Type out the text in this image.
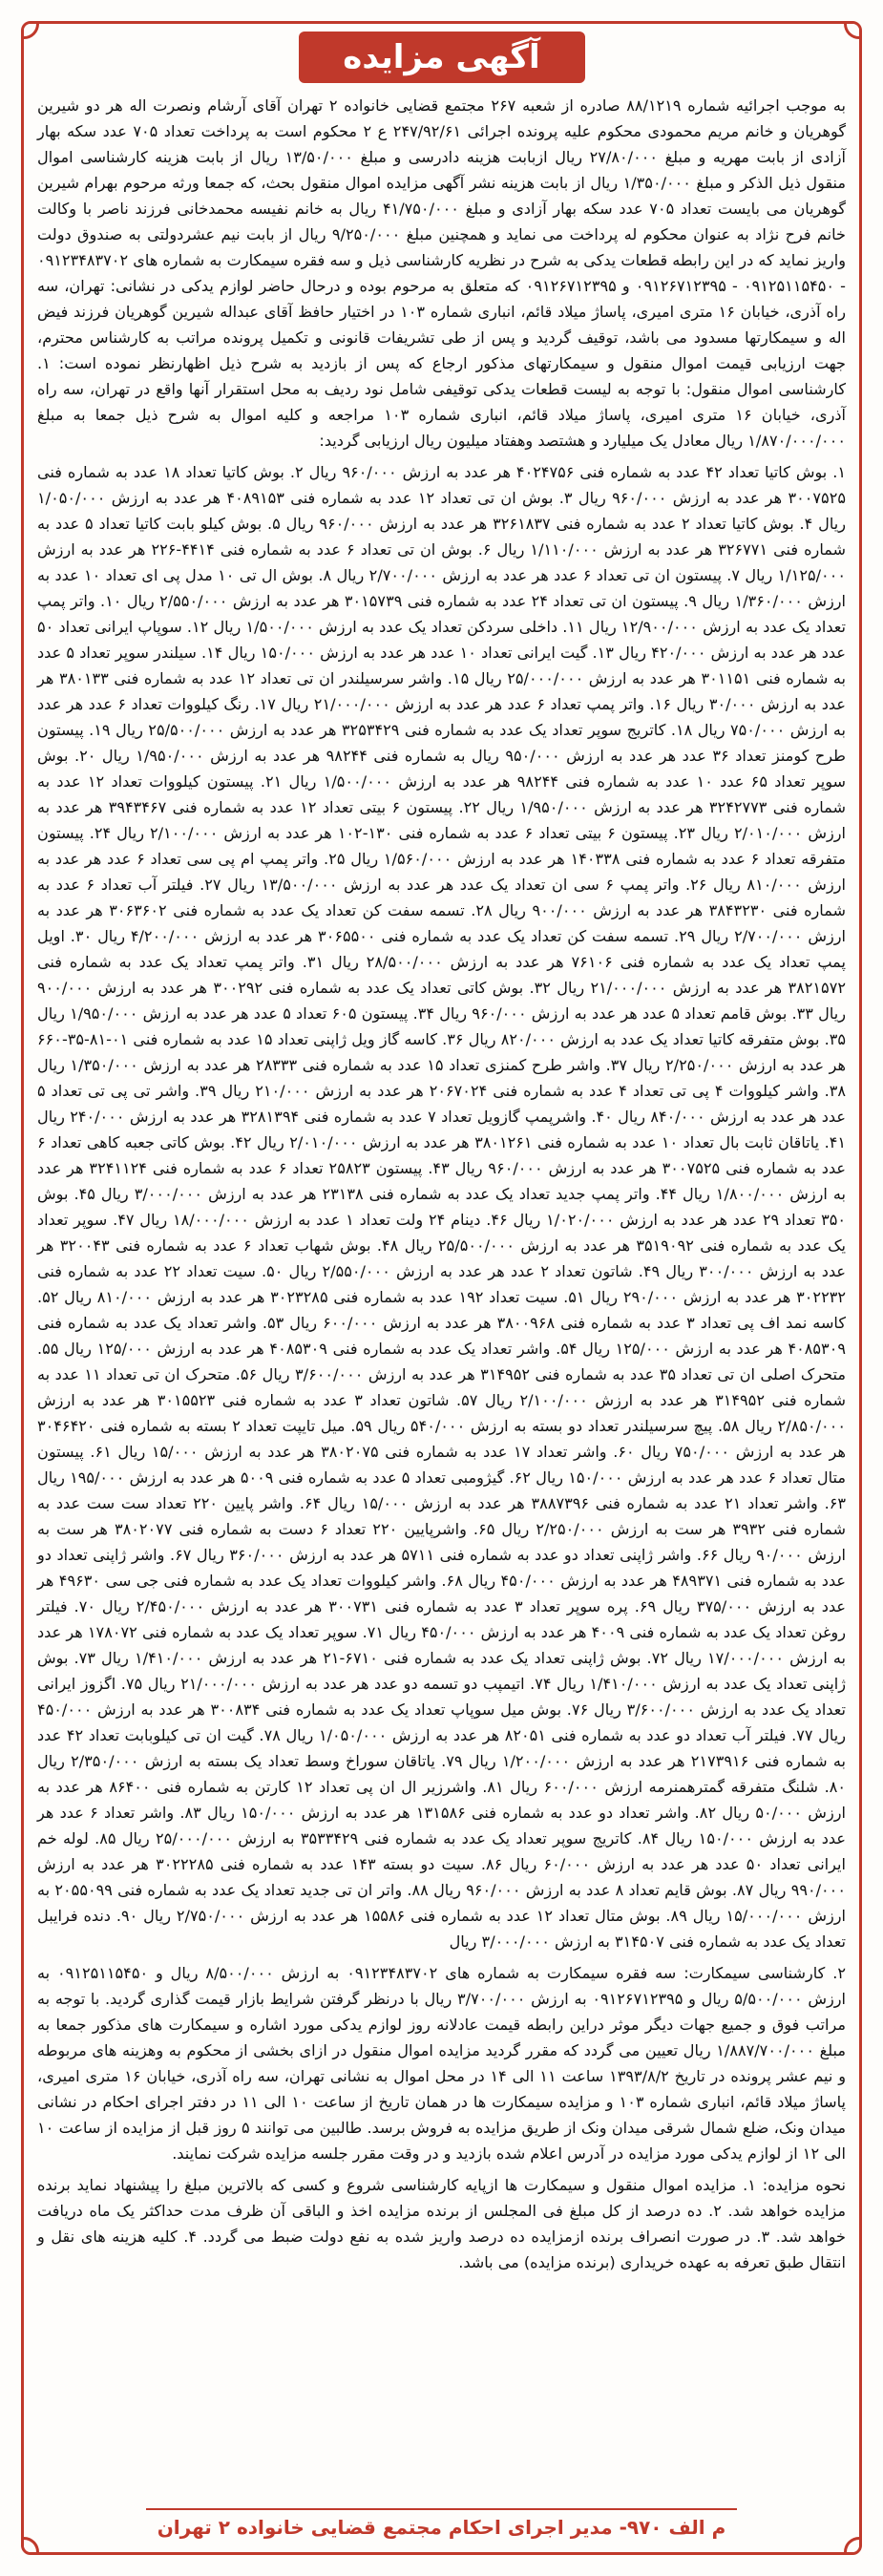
آگهی مزایده
به موجب اجرائیه شماره ۸۸/۱۲۱۹ صادره از شعبه ۲۶۷ مجتمع قضایی خانواده ۲ تهران آقای آرشام ونصرت اله هر دو شیرین گوهریان و خانم مریم محمودی محکوم علیه پرونده اجرائی ۲۴۷/۹۲/۶۱ ع ۲ محکوم است به پرداخت تعداد ۷۰۵ عدد سکه بهار آزادی از بابت مهریه و مبلغ ۲۷/۸۰/۰۰۰ ریال ازبابت هزینه دادرسی و مبلغ ۱۳/۵۰/۰۰۰ ریال از بابت هزینه کارشناسی اموال منقول ذیل الذکر و مبلغ ۱/۳۵۰/۰۰۰ ریال از بابت هزینه نشر آگهی مزایده اموال منقول بحث، که جمعا ورثه مرحوم بهرام شیرین گوهریان می بایست تعداد ۷۰۵ عدد سکه بهار آزادی و مبلغ ۴۱/۷۵۰/۰۰۰ ریال به خانم نفیسه محمدخانی فرزند ناصر با وکالت خانم فرح نژاد به عنوان محکوم له پرداخت می نماید و همچنین مبلغ ۹/۲۵۰/۰۰۰ ریال از بابت نیم عشردولتی به صندوق دولت واریز نماید که در این رابطه قطعات یدکی به شرح در نظریه کارشناسی ذیل و سه فقره سیمکارت به شماره های ۰۹۱۲۳۴۸۳۷۰۲ - ۰۹۱۲۵۱۱۵۴۵۰ - ۰۹۱۲۶۷۱۲۳۹۵ و ۰۹۱۲۶۷۱۲۳۹۵ که متعلق به مرحوم بوده و درحال حاضر لوازم یدکی در نشانی: تهران، سه راه آذری، خیابان ۱۶ متری امیری، پاساژ میلاد قائم، انباری شماره ۱۰۳ در اختیار حافظ آقای عبداله شیرین گوهریان فرزند فیض اله و سیمکارتها مسدود می باشد، توقیف گردید و پس از طی تشریفات قانونی و تکمیل پرونده مراتب به کارشناس محترم، جهت ارزیابی قیمت اموال منقول و سیمکارتهای مذکور ارجاع که پس از بازدید به شرح ذیل اظهارنظر نموده است: ۱. کارشناسی اموال منقول: با توجه به لیست قطعات یدکی توقیفی شامل نود ردیف به محل استقرار آنها واقع در تهران، سه راه آذری، خیابان ۱۶ متری امیری، پاساژ میلاد قائم، انباری شماره ۱۰۳ مراجعه و کلیه اموال به شرح ذیل جمعا به مبلغ ۱/۸۷۰/۰۰۰/۰۰۰ ریال معادل یک میلیارد و هشتصد وهفتاد میلیون ریال ارزیابی گردید:
۱. بوش کاتیا تعداد ۴۲ عدد به شماره فنی ۴۰۲۴۷۵۶ هر عدد به ارزش ۹۶۰/۰۰۰ ریال ۲. بوش کاتیا تعداد ۱۸ عدد به شماره فنی ۳۰۰۷۵۲۵ هر عدد به ارزش ۹۶۰/۰۰۰ ریال ۳. بوش ان تی تعداد ۱۲ عدد به شماره فنی ۴۰۸۹۱۵۳ هر عدد به ارزش ۱/۰۵۰/۰۰۰ ریال ۴. بوش کاتیا تعداد ۲ عدد به شماره فنی ۳۲۶۱۸۳۷ هر عدد به ارزش ۹۶۰/۰۰۰ ریال ۵. بوش کیلو بابت کاتیا تعداد ۵ عدد به شماره فنی ۳۲۶۷۷۱ هر عدد به ارزش ۱/۱۱۰/۰۰۰ ریال ۶. بوش ان تی تعداد ۶ عدد به شماره فنی ۴۴۱۴-۲۲۶ هر عدد به ارزش ۱/۱۲۵/۰۰۰ ریال ۷. پیستون ان تی تعداد ۶ عدد هر عدد به ارزش ۲/۷۰۰/۰۰۰ ریال ۸. بوش ال تی ۱۰ مدل پی ای تعداد ۱۰ عدد به ارزش ۱/۳۶۰/۰۰۰ ریال ۹. پیستون ان تی تعداد ۲۴ عدد به شماره فنی ۳۰۱۵۷۳۹ هر عدد به ارزش ۲/۵۵۰/۰۰۰ ریال ۱۰. واتر پمپ تعداد یک عدد به ارزش ۱۲/۹۰۰/۰۰۰ ریال ۱۱. داخلی سردکن تعداد یک عدد به ارزش ۱/۵۰۰/۰۰۰ ریال ۱۲. سوپاپ ایرانی تعداد ۵۰ عدد هر عدد به ارزش ۴۲۰/۰۰۰ ریال ۱۳. گیت ایرانی تعداد ۱۰ عدد هر عدد به ارزش ۱۵۰/۰۰۰ ریال ۱۴. سیلندر سوپر تعداد ۵ عدد به شماره فنی ۳۰۱۱۵۱ هر عدد به ارزش ۲۵/۰۰۰/۰۰۰ ریال ۱۵. واشر سرسیلندر ان تی تعداد ۱۲ عدد به شماره فنی ۳۸۰۱۳۳ هر عدد به ارزش ۳۰/۰۰۰ ریال ۱۶. واتر پمپ تعداد ۶ عدد هر عدد به ارزش ۲۱/۰۰۰/۰۰۰ ریال ۱۷. رنگ کیلووات تعداد ۶ عدد هر عدد به ارزش ۷۵۰/۰۰۰ ریال ۱۸. کاتریج سوپر تعداد یک عدد به شماره فنی ۳۲۵۳۴۲۹ هر عدد به ارزش ۲۵/۵۰۰/۰۰۰ ریال ۱۹. پیستون طرح کومنز تعداد ۳۶ عدد هر عدد به ارزش ۹۵۰/۰۰۰ ریال به شماره فنی ۹۸۲۴۴ هر عدد به ارزش ۱/۹۵۰/۰۰۰ ریال ۲۰. بوش سوپر تعداد ۶۵ عدد ۱۰ عدد به شماره فنی ۹۸۲۴۴ هر عدد به ارزش ۱/۵۰۰/۰۰۰ ریال ۲۱. پیستون کیلووات تعداد ۱۲ عدد به شماره فنی ۳۲۴۲۷۷۳ هر عدد به ارزش ۱/۹۵۰/۰۰۰ ریال ۲۲. پیستون ۶ بیتی تعداد ۱۲ عدد به شماره فنی ۳۹۴۳۴۶۷ هر عدد به ارزش ۲/۰۱۰/۰۰۰ ریال ۲۳. پیستون ۶ بیتی تعداد ۶ عدد به شماره فنی ۱۳۰-۱۰۲ هر عدد به ارزش ۲/۱۰۰/۰۰۰ ریال ۲۴. پیستون متفرقه تعداد ۶ عدد به شماره فنی ۱۴۰۳۳۸ هر عدد به ارزش ۱/۵۶۰/۰۰۰ ریال ۲۵. واتر پمپ ام پی سی تعداد ۶ عدد هر عدد به ارزش ۸۱۰/۰۰۰ ریال ۲۶. واتر پمپ ۶ سی ان تعداد یک عدد هر عدد به ارزش ۱۳/۵۰۰/۰۰۰ ریال ۲۷. فیلتر آب تعداد ۶ عدد به شماره فنی ۳۸۴۳۲۳۰ هر عدد به ارزش ۹۰۰/۰۰۰ ریال ۲۸. تسمه سفت کن تعداد یک عدد به شماره فنی ۳۰۶۳۶۰۲ هر عدد به ارزش ۲/۷۰۰/۰۰۰ ریال ۲۹. تسمه سفت کن تعداد یک عدد به شماره فنی ۳۰۶۵۵۰۰ هر عدد به ارزش ۴/۲۰۰/۰۰۰ ریال ۳۰. اویل پمپ تعداد یک عدد به شماره فنی ۷۶۱۰۶ هر عدد به ارزش ۲۸/۵۰۰/۰۰۰ ریال ۳۱. واتر پمپ تعداد یک عدد به شماره فنی ۳۸۲۱۵۷۲ هر عدد به ارزش ۲۱/۰۰۰/۰۰۰ ریال ۳۲. بوش کاتی تعداد یک عدد به شماره فنی ۳۰۰۲۹۲ هر عدد به ارزش ۹۰۰/۰۰۰ ریال ۳۳. بوش قامم تعداد ۵ عدد هر عدد به ارزش ۹۶۰/۰۰۰ ریال ۳۴. پیستون ۶۰۵ تعداد ۵ عدد هر عدد به ارزش ۱/۹۵۰/۰۰۰ ریال ۳۵. بوش متفرقه کاتیا تعداد یک عدد به ارزش ۸۲۰/۰۰۰ ریال ۳۶. کاسه گاز ویل ژاپنی تعداد ۱۵ عدد به شماره فنی ۰۱-۸۱-۳۵-۶۶۰ هر عدد به ارزش ۲/۲۵۰/۰۰۰ ریال ۳۷. واشر طرح کمنزی تعداد ۱۵ عدد به شماره فنی ۲۸۳۳۳ هر عدد به ارزش ۱/۳۵۰/۰۰۰ ریال ۳۸. واشر کیلووات ۴ پی تی تعداد ۴ عدد به شماره فنی ۲۰۶۷۰۲۴ هر عدد به ارزش ۲۱۰/۰۰۰ ریال ۳۹. واشر تی پی تی تعداد ۵ عدد هر عدد به ارزش ۸۴۰/۰۰۰ ریال ۴۰. واشرپمپ گازویل تعداد ۷ عدد به شماره فنی ۳۲۸۱۳۹۴ هر عدد به ارزش ۲۴۰/۰۰۰ ریال ۴۱. یاتاقان ثابت بال تعداد ۱۰ عدد به شماره فنی ۳۸۰۱۲۶۱ هر عدد به ارزش ۲/۰۱۰/۰۰۰ ریال ۴۲. بوش کاتی جعبه کاهی تعداد ۶ عدد به شماره فنی ۳۰۰۷۵۲۵ هر عدد به ارزش ۹۶۰/۰۰۰ ریال ۴۳. پیستون ۲۵۸۲۳ تعداد ۶ عدد به شماره فنی ۳۲۴۱۱۲۴ هر عدد به ارزش ۱/۸۰۰/۰۰۰ ریال ۴۴. واتر پمپ جدید تعداد یک عدد به شماره فنی ۲۳۱۳۸ هر عدد به ارزش ۳/۰۰۰/۰۰۰ ریال ۴۵. بوش ۳۵۰ تعداد ۲۹ عدد هر عدد به ارزش ۱/۰۲۰/۰۰۰ ریال ۴۶. دینام ۲۴ ولت تعداد ۱ عدد به ارزش ۱۸/۰۰۰/۰۰۰ ریال ۴۷. سوپر تعداد یک عدد به شماره فنی ۳۵۱۹۰۹۲ هر عدد به ارزش ۲۵/۵۰۰/۰۰۰ ریال ۴۸. بوش شهاب تعداد ۶ عدد به شماره فنی ۳۲۰۰۴۳ هر عدد به ارزش ۳۰۰/۰۰۰ ریال ۴۹. شاتون تعداد ۲ عدد هر عدد به ارزش ۲/۵۵۰/۰۰۰ ریال ۵۰. سیت تعداد ۲۲ عدد به شماره فنی ۳۰۲۲۳۲ هر عدد به ارزش ۲۹۰/۰۰۰ ریال ۵۱. سیت تعداد ۱۹۲ عدد به شماره فنی ۳۰۲۳۲۸۵ هر عدد به ارزش ۸۱۰/۰۰۰ ریال ۵۲. کاسه نمد اف پی تعداد ۳ عدد به شماره فنی ۳۸۰۰۹۶۸ هر عدد به ارزش ۶۰۰/۰۰۰ ریال ۵۳. واشر تعداد یک عدد به شماره فنی ۴۰۸۵۳۰۹ هر عدد به ارزش ۱۲۵/۰۰۰ ریال ۵۴. واشر تعداد یک عدد به شماره فنی ۴۰۸۵۳۰۹ هر عدد به ارزش ۱۲۵/۰۰۰ ریال ۵۵. متحرک اصلی ان تی تعداد ۳۵ عدد به شماره فنی ۳۱۴۹۵۲ هر عدد به ارزش ۳/۶۰۰/۰۰۰ ریال ۵۶. متحرک ان تی تعداد ۱۱ عدد به شماره فنی ۳۱۴۹۵۲ هر عدد به ارزش ۲/۱۰۰/۰۰۰ ریال ۵۷. شاتون تعداد ۳ عدد به شماره فنی ۳۰۱۵۵۲۳ هر عدد به ارزش ۲/۸۵۰/۰۰۰ ریال ۵۸. پیچ سرسیلندر تعداد دو بسته به ارزش ۵۴۰/۰۰۰ ریال ۵۹. میل تایپت تعداد ۲ بسته به شماره فنی ۳۰۴۶۴۲۰ هر عدد به ارزش ۷۵۰/۰۰۰ ریال ۶۰. واشر تعداد ۱۷ عدد به شماره فنی ۳۸۰۲۰۷۵ هر عدد به ارزش ۱۵/۰۰۰ ریال ۶۱. پیستون متال تعداد ۶ عدد هر عدد به ارزش ۱۵۰/۰۰۰ ریال ۶۲. گیژومبی تعداد ۵ عدد به شماره فنی ۵۰۰۹ هر عدد به ارزش ۱۹۵/۰۰۰ ریال ۶۳. واشر تعداد ۲۱ عدد به شماره فنی ۳۸۸۷۳۹۶ هر عدد به ارزش ۱۵/۰۰۰ ریال ۶۴. واشر پایین ۲۲۰ تعداد ست ست عدد به شماره فنی ۳۹۳۲ هر ست به ارزش ۲/۲۵۰/۰۰۰ ریال ۶۵. واشرپایین ۲۲۰ تعداد ۶ دست به شماره فنی ۳۸۰۲۰۷۷ هر ست به ارزش ۹۰/۰۰۰ ریال ۶۶. واشر ژاپنی تعداد دو عدد به شماره فنی ۵۷۱۱ هر عدد به ارزش ۳۶۰/۰۰۰ ریال ۶۷. واشر ژاپنی تعداد دو عدد به شماره فنی ۴۸۹۳۷۱ هر عدد به ارزش ۴۵۰/۰۰۰ ریال ۶۸. واشر کیلووات تعداد یک عدد به شماره فنی جی سی ۴۹۶۳۰ هر عدد به ارزش ۳۷۵/۰۰۰ ریال ۶۹. پره سوپر تعداد ۳ عدد به شماره فنی ۳۰۰۷۳۱ هر عدد به ارزش ۲/۴۵۰/۰۰۰ ریال ۷۰. فیلتر روغن تعداد یک عدد به شماره فنی ۴۰۰۹ هر عدد به ارزش ۴۵۰/۰۰۰ ریال ۷۱. سوپر تعداد یک عدد به شماره فنی ۱۷۸۰۷۲ هر عدد به ارزش ۱۷/۰۰۰/۰۰۰ ریال ۷۲. بوش ژاپنی تعداد یک عدد به شماره فنی ۶۷۱۰-۲۱ هر عدد به ارزش ۱/۴۱۰/۰۰۰ ریال ۷۳. بوش ژاپنی تعداد یک عدد به ارزش ۱/۴۱۰/۰۰۰ ریال ۷۴. اتیمپب دو تسمه دو عدد هر عدد به ارزش ۲۱/۰۰۰/۰۰۰ ریال ۷۵. اگزوز ایرانی تعداد یک عدد به ارزش ۳/۶۰۰/۰۰۰ ریال ۷۶. بوش میل سوپاپ تعداد یک عدد به شماره فنی ۳۰۰۸۳۴ هر عدد به ارزش ۴۵۰/۰۰۰ ریال ۷۷. فیلتر آب تعداد دو عدد به شماره فنی ۸۲۰۵۱ هر عدد به ارزش ۱/۰۵۰/۰۰۰ ریال ۷۸. گیت ان تی کیلوبابت تعداد ۴۲ عدد به شماره فنی ۲۱۷۳۹۱۶ هر عدد به ارزش ۱/۲۰۰/۰۰۰ ریال ۷۹. یاتاقان سوراخ وسط تعداد یک بسته به ارزش ۲/۳۵۰/۰۰۰ ریال ۸۰. شلنگ متفرقه گمترهمنرمه ارزش ۶۰۰/۰۰۰ ریال ۸۱. واشرزیر ال ان پی تعداد ۱۲ کارتن به شماره فنی ۸۶۴۰۰ هر عدد به ارزش ۵۰/۰۰۰ ریال ۸۲. واشر تعداد دو عدد به شماره فنی ۱۳۱۵۸۶ هر عدد به ارزش ۱۵۰/۰۰۰ ریال ۸۳. واشر تعداد ۶ عدد هر عدد به ارزش ۱۵۰/۰۰۰ ریال ۸۴. کاتریج سوپر تعداد یک عدد به شماره فنی ۳۵۳۳۴۲۹ به ارزش ۲۵/۰۰۰/۰۰۰ ریال ۸۵. لوله خم ایرانی تعداد ۵۰ عدد هر عدد به ارزش ۶۰/۰۰۰ ریال ۸۶. سیت دو بسته ۱۴۳ عدد به شماره فنی ۳۰۲۲۲۸۵ هر عدد به ارزش ۹۹۰/۰۰۰ ریال ۸۷. بوش قایم تعداد ۸ عدد به ارزش ۹۶۰/۰۰۰ ریال ۸۸. واتر ان تی جدید تعداد یک عدد به شماره فنی ۲۰۵۵۰۹۹ به ارزش ۱۵/۰۰۰/۰۰۰ ریال ۸۹. بوش متال تعداد ۱۲ عدد به شماره فنی ۱۵۵۸۶ هر عدد به ارزش ۲/۷۵۰/۰۰۰ ریال ۹۰. دنده فرایبل تعداد یک عدد به شماره فنی ۳۱۴۵۰۷ به ارزش ۳/۰۰۰/۰۰۰ ریال
۲. کارشناسی سیمکارت: سه فقره سیمکارت به شماره های ۰۹۱۲۳۴۸۳۷۰۲ به ارزش ۸/۵۰۰/۰۰۰ ریال و ۰۹۱۲۵۱۱۵۴۵۰ به ارزش ۵/۵۰۰/۰۰۰ ریال و ۰۹۱۲۶۷۱۲۳۹۵ به ارزش ۳/۷۰۰/۰۰۰ ریال با درنظر گرفتن شرایط بازار قیمت گذاری گردید. با توجه به مراتب فوق و جمیع جهات دیگر موثر دراین رابطه قیمت عادلانه روز لوازم یدکی مورد اشاره و سیمکارت های مذکور جمعا به مبلغ ۱/۸۸۷/۷۰۰/۰۰۰ ریال تعیین می گردد که مقرر گردید مزایده اموال منقول در ازای بخشی از محکوم به وهزینه های مربوطه و نیم عشر پرونده در تاریخ ۱۳۹۳/۸/۲ ساعت ۱۱ الی ۱۴ در محل اموال به نشانی تهران، سه راه آذری، خیابان ۱۶ متری امیری، پاساژ میلاد قائم، انباری شماره ۱۰۳ و مزایده سیمکارت ها در همان تاریخ از ساعت ۱۰ الی ۱۱ در دفتر اجرای احکام در نشانی میدان ونک، ضلع شمال شرقی میدان ونک از طریق مزایده به فروش برسد. طالبین می توانند ۵ روز قبل از مزایده از ساعت ۱۰ الی ۱۲ از لوازم یدکی مورد مزایده در آدرس اعلام شده بازدید و در وقت مقرر جلسه مزایده شرکت نمایند.
نحوه مزایده: ۱. مزایده اموال منقول و سیمکارت ها ازپایه کارشناسی شروع و کسی که بالاترین مبلغ را پیشنهاد نماید برنده مزایده خواهد شد. ۲. ده درصد از کل مبلغ فی المجلس از برنده مزایده اخذ و الباقی آن ظرف مدت حداکثر یک ماه دریافت خواهد شد. ۳. در صورت انصراف برنده ازمزایده ده درصد واریز شده به نفع دولت ضبط می گردد. ۴. کلیه هزینه های نقل و انتقال طبق تعرفه به عهده خریداری (برنده مزایده) می باشد.
م الف ۹۷۰- مدیر اجرای احکام مجتمع قضایی خانواده ۲ تهران
